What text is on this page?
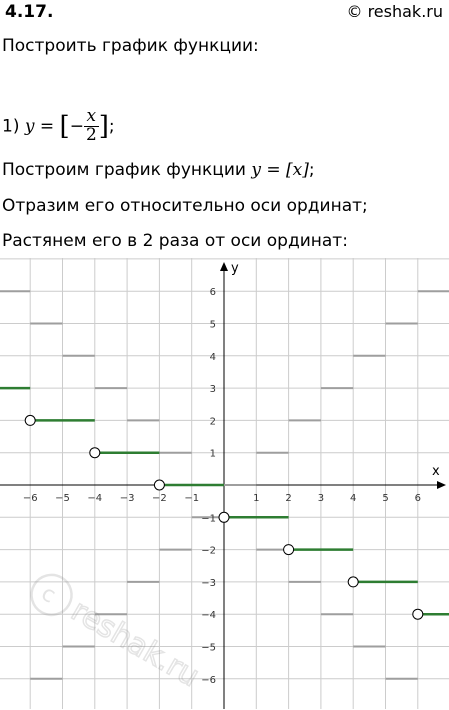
4.17.	© reshak.ru
Построить график функции:
1) y = [− $\frac{x}{2}$ ];
Построим график функции y = [x];
Отразим его относительно оси ординат;
Растянем его в 2 раза от оси ординат:
x
y
−6 −5 −4 −3 −2 −1	1	2	3	4	5	6
−6
−5
−4
−3
−2
−1
1
2
3
4
5
6
c reshak.ru
